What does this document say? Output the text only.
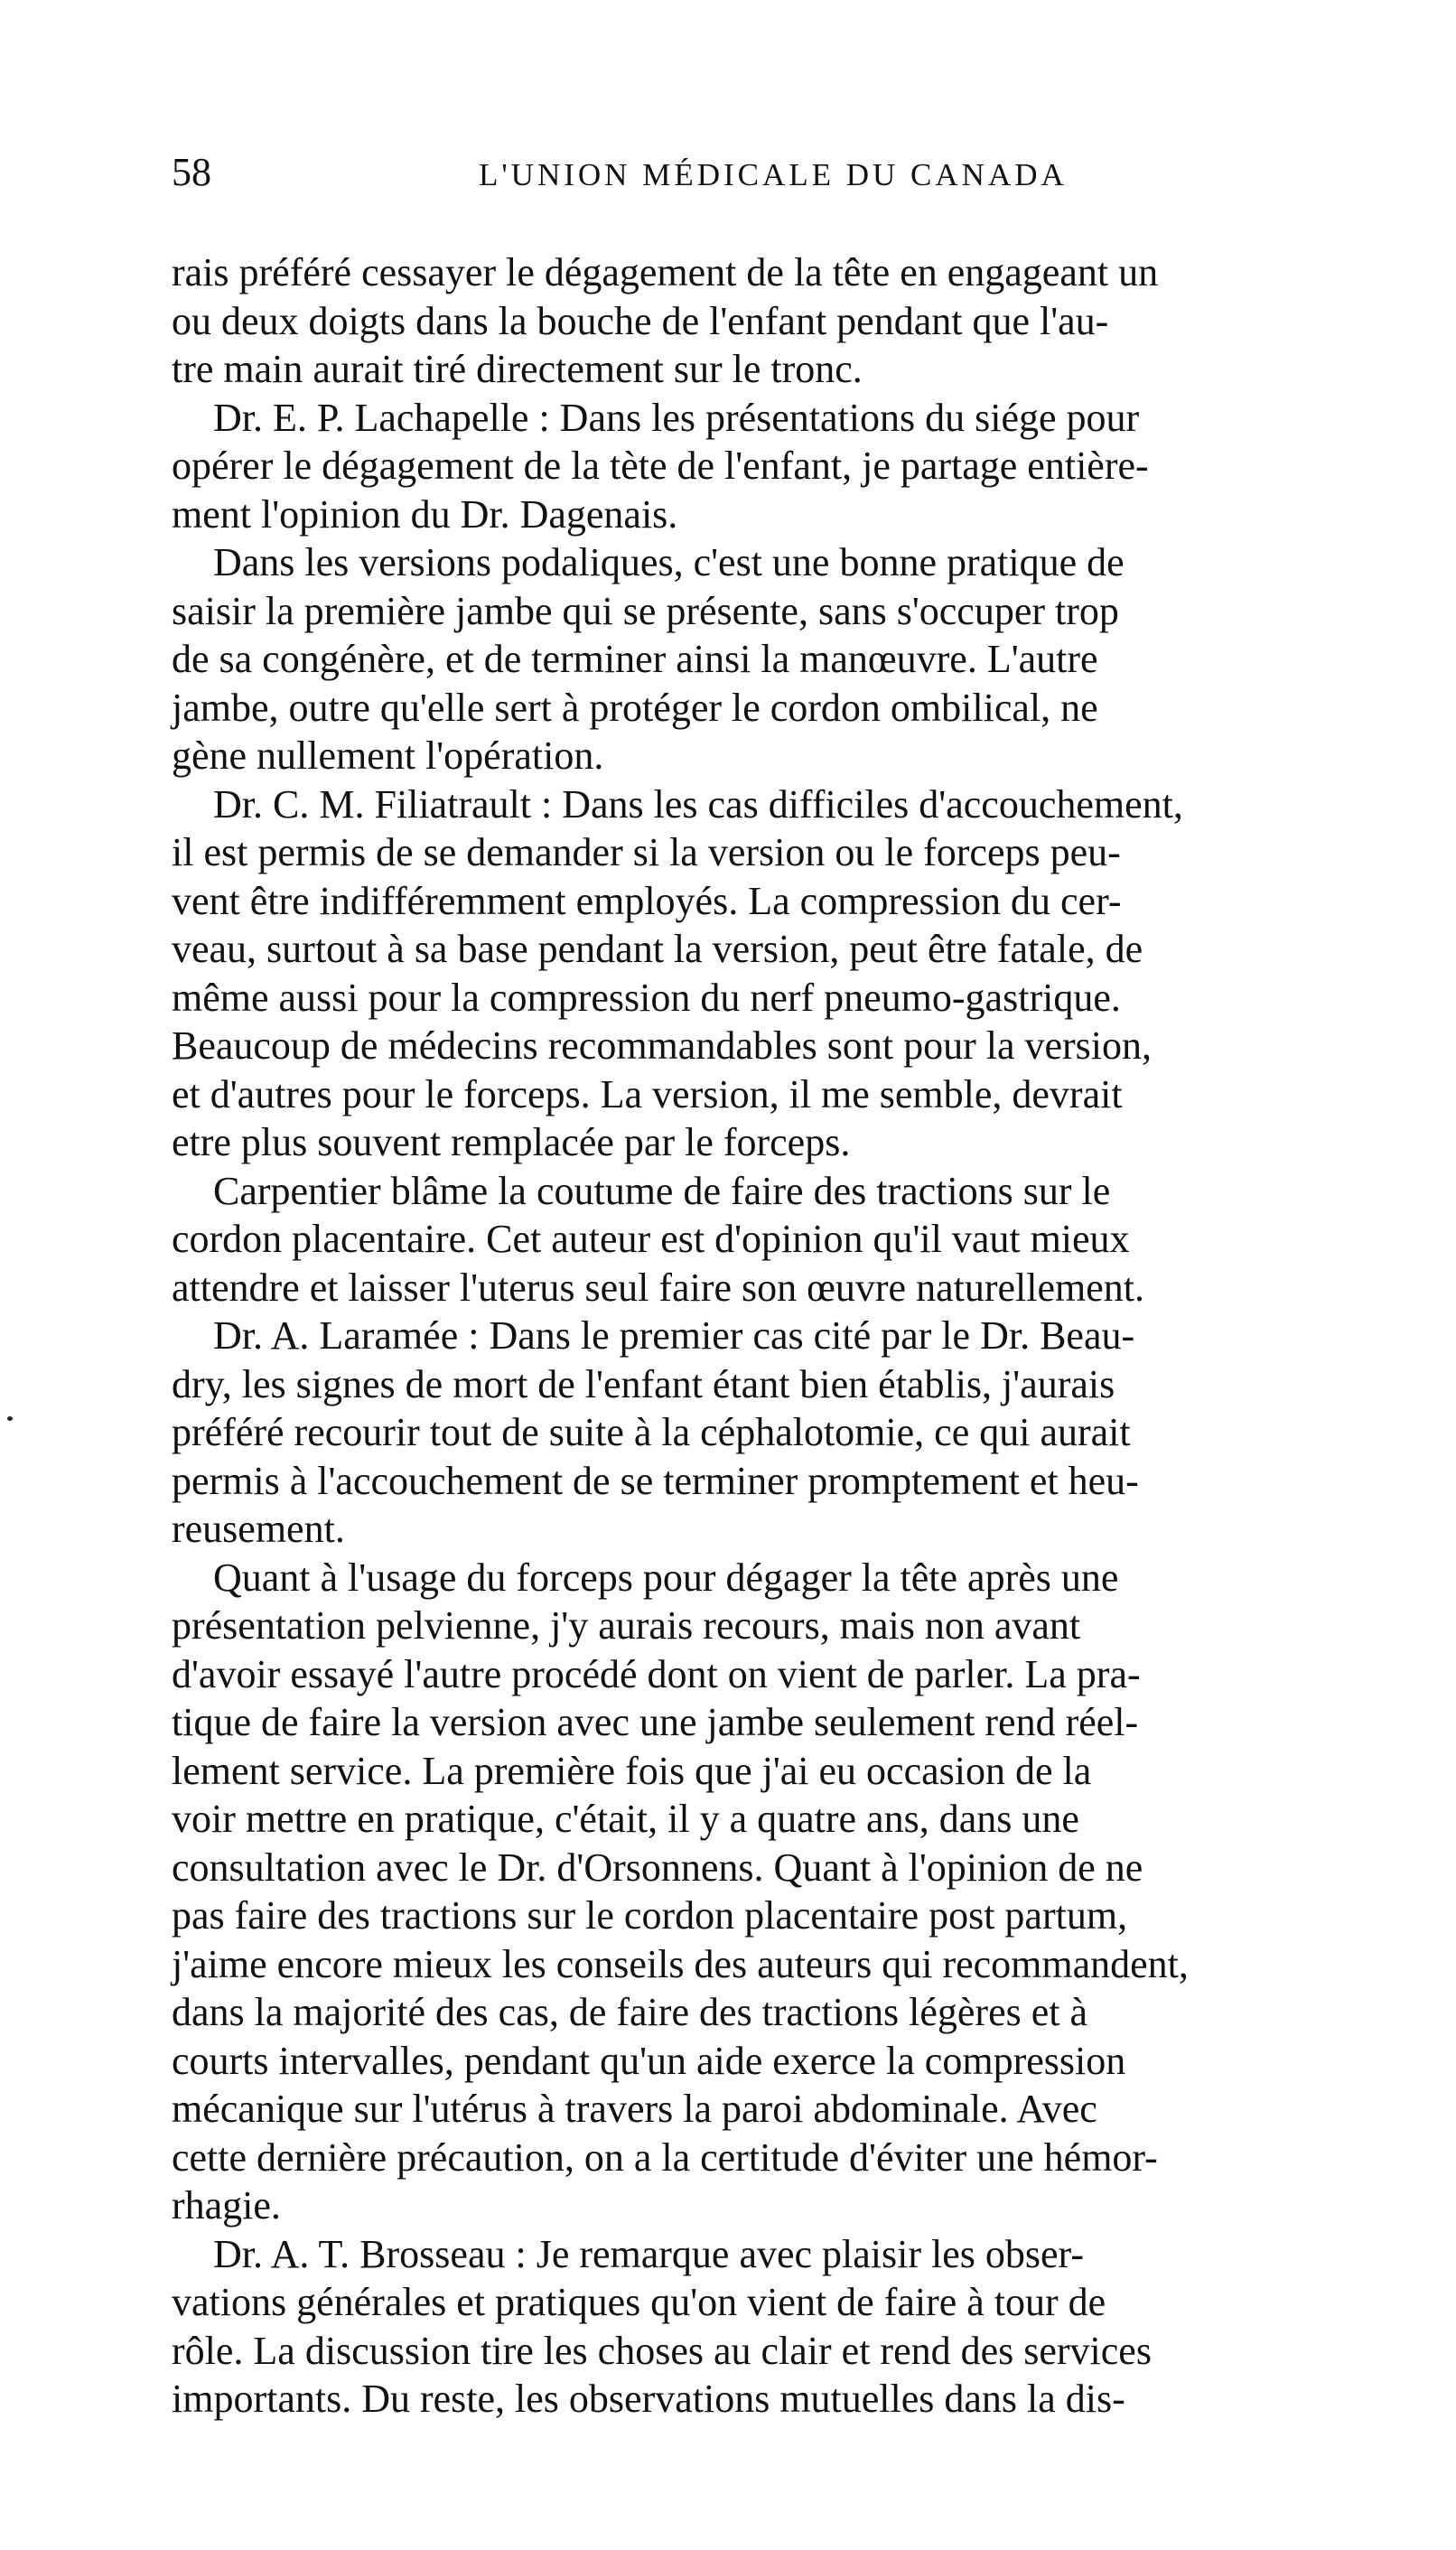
58	L'UNION MÉDICALE DU CANADA
rais préféré cessayer le dégagement de la tête en engageant un
ou deux doigts dans la bouche de l'enfant pendant que l'au-
tre main aurait tiré directement sur le tronc.
Dr. E. P. Lachapelle : Dans les présentations du siége pour
opérer le dégagement de la tète de l'enfant, je partage entière-
ment l'opinion du Dr. Dagenais.
Dans les versions podaliques, c'est une bonne pratique de
saisir la première jambe qui se présente, sans s'occuper trop
de sa congénère, et de terminer ainsi la manœuvre. L'autre
jambe, outre qu'elle sert à protéger le cordon ombilical, ne
gène nullement l'opération.
Dr. C. M. Filiatrault : Dans les cas difficiles d'accouchement,
il est permis de se demander si la version ou le forceps peu-
vent être indifféremment employés. La compression du cer-
veau, surtout à sa base pendant la version, peut être fatale, de
même aussi pour la compression du nerf pneumo-gastrique.
Beaucoup de médecins recommandables sont pour la version,
et d'autres pour le forceps. La version, il me semble, devrait
etre plus souvent remplacée par le forceps.
Carpentier blâme la coutume de faire des tractions sur le
cordon placentaire. Cet auteur est d'opinion qu'il vaut mieux
attendre et laisser l'uterus seul faire son œuvre naturellement.
Dr. A. Laramée : Dans le premier cas cité par le Dr. Beau-
dry, les signes de mort de l'enfant étant bien établis, j'aurais
préféré recourir tout de suite à la céphalotomie, ce qui aurait
permis à l'accouchement de se terminer promptement et heu-
reusement.
Quant à l'usage du forceps pour dégager la tête après une
présentation pelvienne, j'y aurais recours, mais non avant
d'avoir essayé l'autre procédé dont on vient de parler. La pra-
tique de faire la version avec une jambe seulement rend réel-
lement service. La première fois que j'ai eu occasion de la
voir mettre en pratique, c'était, il y a quatre ans, dans une
consultation avec le Dr. d'Orsonnens. Quant à l'opinion de ne
pas faire des tractions sur le cordon placentaire post partum,
j'aime encore mieux les conseils des auteurs qui recommandent,
dans la majorité des cas, de faire des tractions légères et à
courts intervalles, pendant qu'un aide exerce la compression
mécanique sur l'utérus à travers la paroi abdominale. Avec
cette dernière précaution, on a la certitude d'éviter une hémor-
rhagie.
Dr. A. T. Brosseau : Je remarque avec plaisir les obser-
vations générales et pratiques qu'on vient de faire à tour de
rôle. La discussion tire les choses au clair et rend des services
importants. Du reste, les observations mutuelles dans la dis-
